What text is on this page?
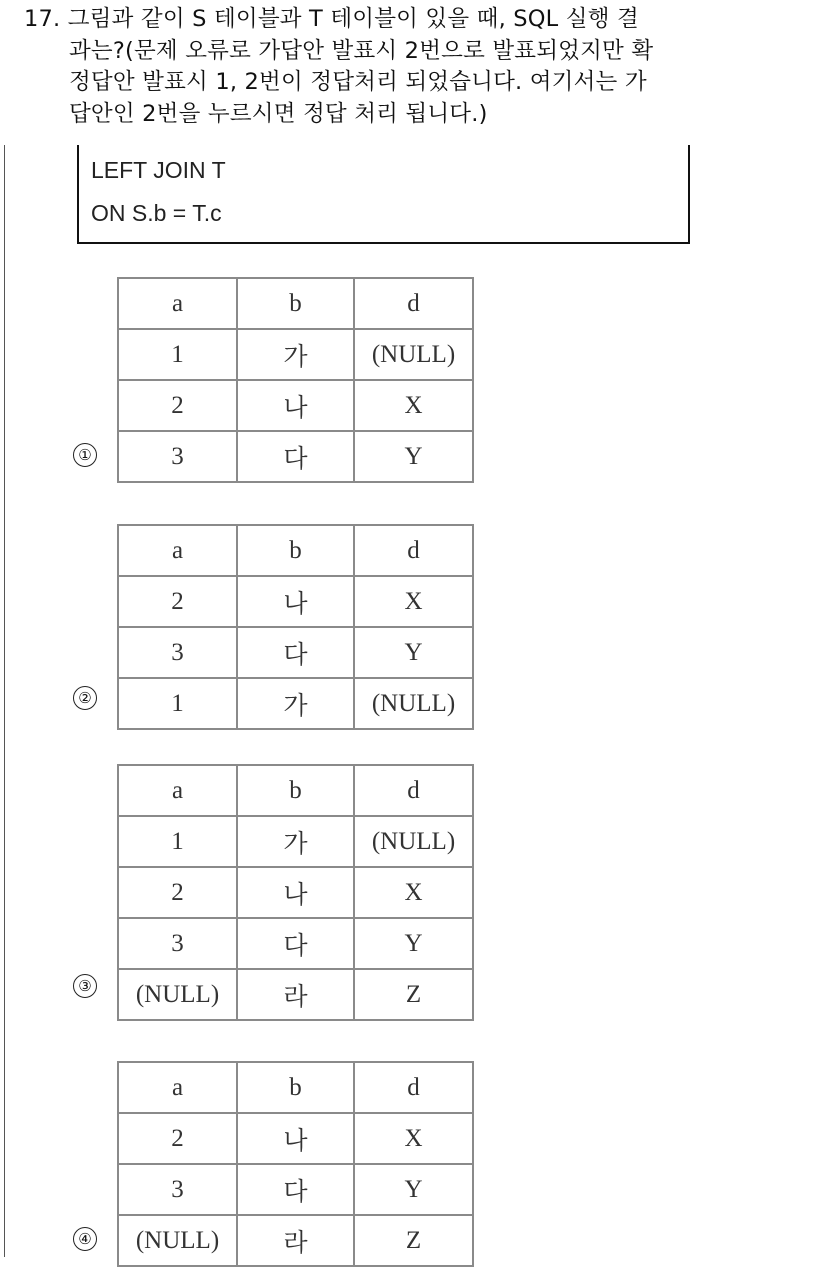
17. 그림과 같이 S 테이블과 T 테이블이 있을 때, SQL 실행 결
과는?(문제 오류로 가답안 발표시 2번으로 발표되었지만 확
정답안 발표시 1, 2번이 정답처리 되었습니다. 여기서는 가
답안인 2번을 누르시면 정답 처리 됩니다.)
LEFT JOIN T
ON S.b = T.c
①
a	b	d
1	가	(NULL)
2	나	X
3	다	Y
②
a	b	d
2	나	X
3	다	Y
1	가	(NULL)
③
a	b	d
1	가	(NULL)
2	나	X
3	다	Y
(NULL)	라	Z
④
a	b	d
2	나	X
3	다	Y
(NULL)	라	Z
